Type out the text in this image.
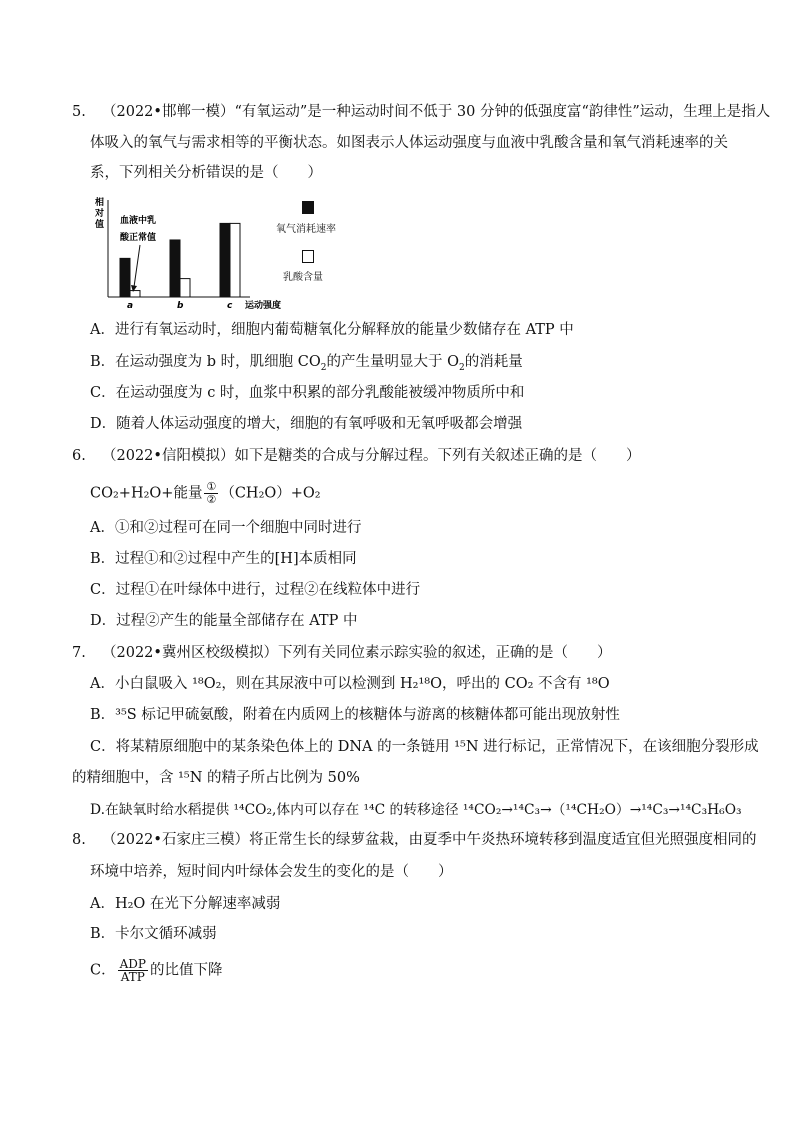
5. （2022•邯郸一模）“有氧运动”是一种运动时间不低于 30 分钟的低强度富“韵律性”运动，生理上是指人
体吸入的氧气与需求相等的平衡状态。如图表示人体运动强度与血液中乳酸含量和氧气消耗速率的关
系，下列相关分析错误的是（　　）
相
对
值
a	b	c
血液中乳
酸正常值
运动强度
氧气消耗速率
乳酸含量
A．进行有氧运动时，细胞内葡萄糖氧化分解释放的能量少数储存在 ATP 中
B．在运动强度为 b 时，肌细胞 $CO_2$的产生量明显大于 $O_2$的消耗量
C．在运动强度为 c 时，血浆中积累的部分乳酸能被缓冲物质所中和
D．随着人体运动强度的增大，细胞的有氧呼吸和无氧呼吸都会增强
6. （2022•信阳模拟）如下是糖类的合成与分解过程。下列有关叙述正确的是（　　）
CO₂+H₂O+能量 $\frac{\text{①}}{\text{②}} (CH_2O)+O_2$
A．①和②过程可在同一个细胞中同时进行
B．过程①和②过程中产生的[H]本质相同
C．过程①在叶绿体中进行，过程②在线粒体中进行
D．过程②产生的能量全部储存在 ATP 中
7. （2022•冀州区校级模拟）下列有关同位素示踪实验的叙述，正确的是（　　）
A．小白鼠吸入 ¹⁸O₂，则在其尿液中可以检测到 H₂¹⁸O，呼出的 CO₂ 不含有 ¹⁸O
B．³⁵S 标记甲硫氨酸，附着在内质网上的核糖体与游离的核糖体都可能出现放射性
C．将某精原细胞中的某条染色体上的 DNA 的一条链用 ¹⁵N 进行标记，正常情况下，在该细胞分裂形成
的精细胞中，含 ¹⁵N 的精子所占比例为 50%
D.在缺氧时给水稻提供 ¹⁴CO₂,体内可以存在 ¹⁴C 的转移途径 ¹⁴CO₂→¹⁴C₃→（¹⁴CH₂O）→¹⁴C₃→¹⁴C₃H₆O₃
8. （2022•石家庄三模）将正常生长的绿萝盆栽，由夏季中午炎热环境转移到温度适宜但光照强度相同的
环境中培养，短时间内叶绿体会发生的变化的是（　　）
A．H₂O 在光下分解速率减弱
B．卡尔文循环减弱
C． $\frac{\text{ADP}}{\text{ATP}}$ 的比值下降
